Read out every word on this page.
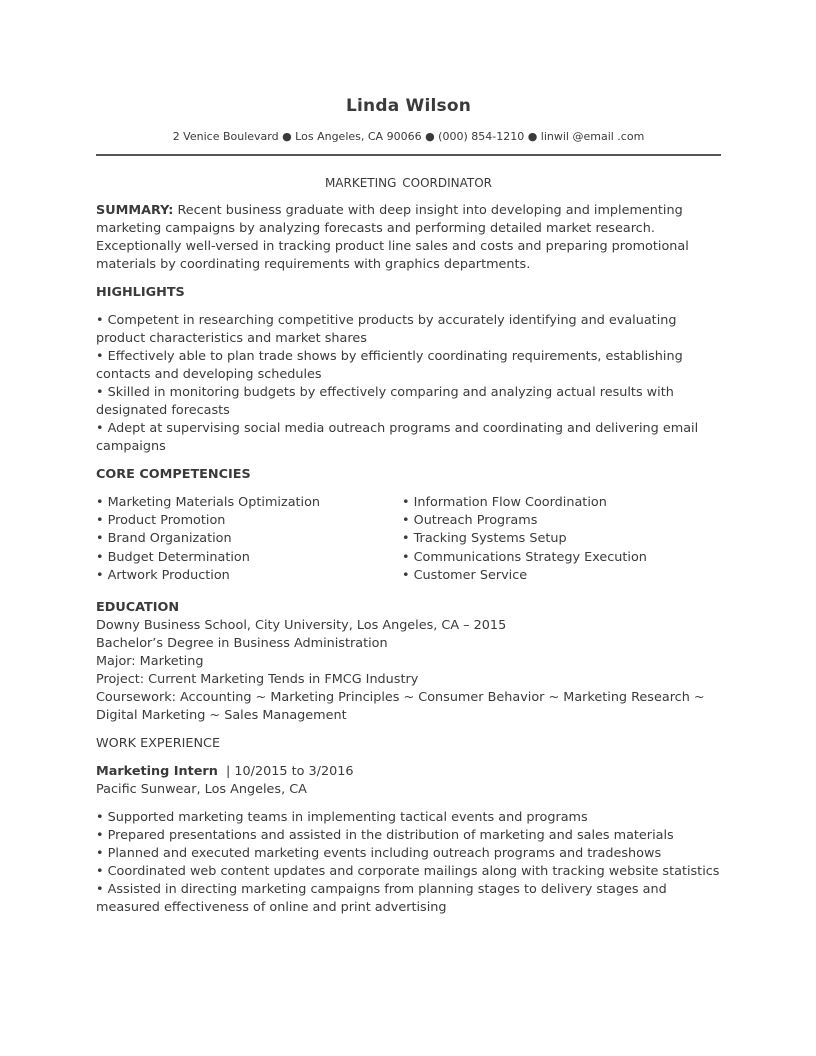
Linda Wilson
2 Venice Boulevard ● Los Angeles, CA 90066 ● (000) 854-1210 ● linwil @email .com
MARKETING COORDINATOR
SUMMARY: Recent business graduate with deep insight into developing and implementing marketing campaigns by analyzing forecasts and performing detailed market research. Exceptionally well-versed in tracking product line sales and costs and preparing promotional materials by coordinating requirements with graphics departments.
HIGHLIGHTS

• Competent in researching competitive products by accurately identifying and evaluating product characteristics and market shares

• Effectively able to plan trade shows by efficiently coordinating requirements, establishing contacts and developing schedules

• Skilled in monitoring budgets by effectively comparing and analyzing actual results with designated forecasts

• Adept at supervising social media outreach programs and coordinating and delivering email campaigns

CORE COMPETENCIES

• Marketing Materials Optimization

• Product Promotion

• Brand Organization

• Budget Determination

• Artwork Production

• Information Flow Coordination

• Outreach Programs

• Tracking Systems Setup

• Communications Strategy Execution

• Customer Service

EDUCATION

Downy Business School, City University, Los Angeles, CA – 2015

Bachelor’s Degree in Business Administration

Major: Marketing

Project: Current Marketing Tends in FMCG Industry

Coursework: Accounting ~ Marketing Principles ~ Consumer Behavior ~ Marketing Research ~ Digital Marketing ~ Sales Management

WORK EXPERIENCE
Marketing Intern  | 10/2015 to 3/2016
Pacific Sunwear, Los Angeles, CA

• Supported marketing teams in implementing tactical events and programs

• Prepared presentations and assisted in the distribution of marketing and sales materials

• Planned and executed marketing events including outreach programs and tradeshows

• Coordinated web content updates and corporate mailings along with tracking website statistics

• Assisted in directing marketing campaigns from planning stages to delivery stages and measured effectiveness of online and print advertising
